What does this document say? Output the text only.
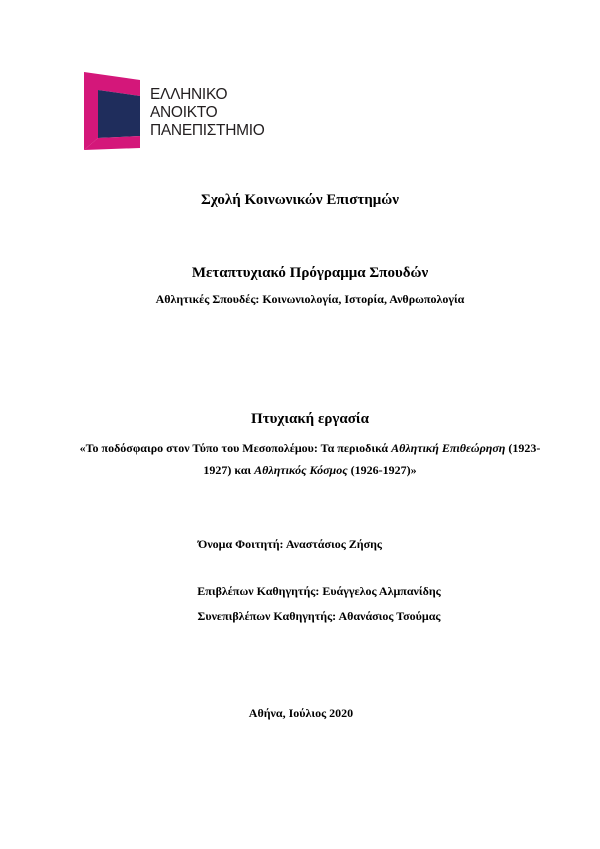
ΕΛΛΗΝΙΚΟ
ΑΝΟΙΚΤΟ
ΠΑΝΕΠΙΣΤΗΜΙΟ
Σχολή Κοινωνικών Επιστημών
Μεταπτυχιακό Πρόγραμμα Σπουδών
Αθλητικές Σπουδές: Κοινωνιολογία, Ιστορία, Ανθρωπολογία
Πτυχιακή εργασία
«Το ποδόσφαιρο στον Τύπο του Μεσοπολέμου: Τα περιοδικά Αθλητική Επιθεώρηση (1923-1927) και Αθλητικός Κόσμος (1926-1927)»
Όνομα Φοιτητή: Αναστάσιος Ζήσης
Επιβλέπων Καθηγητής: Ευάγγελος Αλμπανίδης
Συνεπιβλέπων Καθηγητής: Αθανάσιος Τσούμας
Αθήνα, Ιούλιος 2020
